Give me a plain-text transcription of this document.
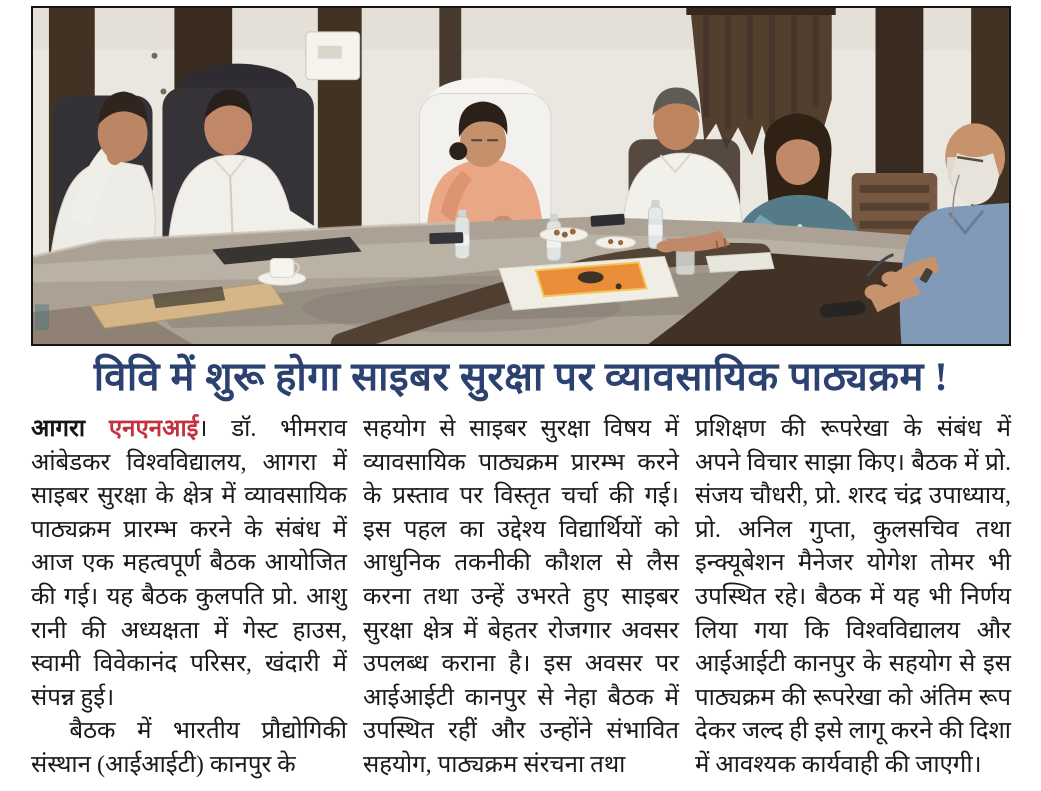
विवि में शुरू होगा साइबर सुरक्षा पर व्यावसायिक पाठ्यक्रम !

आगरा एनएनआई। डॉ. भीमराव आंबेडकर विश्वविद्यालय, आगरा में साइबर सुरक्षा के क्षेत्र में व्यावसायिक पाठ्यक्रम प्रारम्भ करने के संबंध में आज एक महत्वपूर्ण बैठक आयोजित की गई। यह बैठक कुलपति प्रो. आशु रानी की अध्यक्षता में गेस्ट हाउस, स्वामी विवेकानंद परिसर, खंदारी में संपन्न हुई।

बैठक में भारतीय प्रौद्योगिकी संस्थान (आईआईटी) कानपुर के

सहयोग से साइबर सुरक्षा विषय में व्यावसायिक पाठ्यक्रम प्रारम्भ करने के प्रस्ताव पर विस्तृत चर्चा की गई। इस पहल का उद्देश्य विद्यार्थियों को आधुनिक तकनीकी कौशल से लैस करना तथा उन्हें उभरते हुए साइबर सुरक्षा क्षेत्र में बेहतर रोजगार अवसर उपलब्ध कराना है। इस अवसर पर आईआईटी कानपुर से नेहा बैठक में उपस्थित रहीं और उन्होंने संभावित सहयोग, पाठ्यक्रम संरचना तथा

प्रशिक्षण की रूपरेखा के संबंध में अपने विचार साझा किए। बैठक में प्रो. संजय चौधरी, प्रो. शरद चंद्र उपाध्याय, प्रो. अनिल गुप्ता, कुलसचिव तथा इन्क्यूबेशन मैनेजर योगेश तोमर भी उपस्थित रहे। बैठक में यह भी निर्णय लिया गया कि विश्वविद्यालय और आईआईटी कानपुर के सहयोग से इस पाठ्यक्रम की रूपरेखा को अंतिम रूप देकर जल्द ही इसे लागू करने की दिशा में आवश्यक कार्यवाही की जाएगी।
